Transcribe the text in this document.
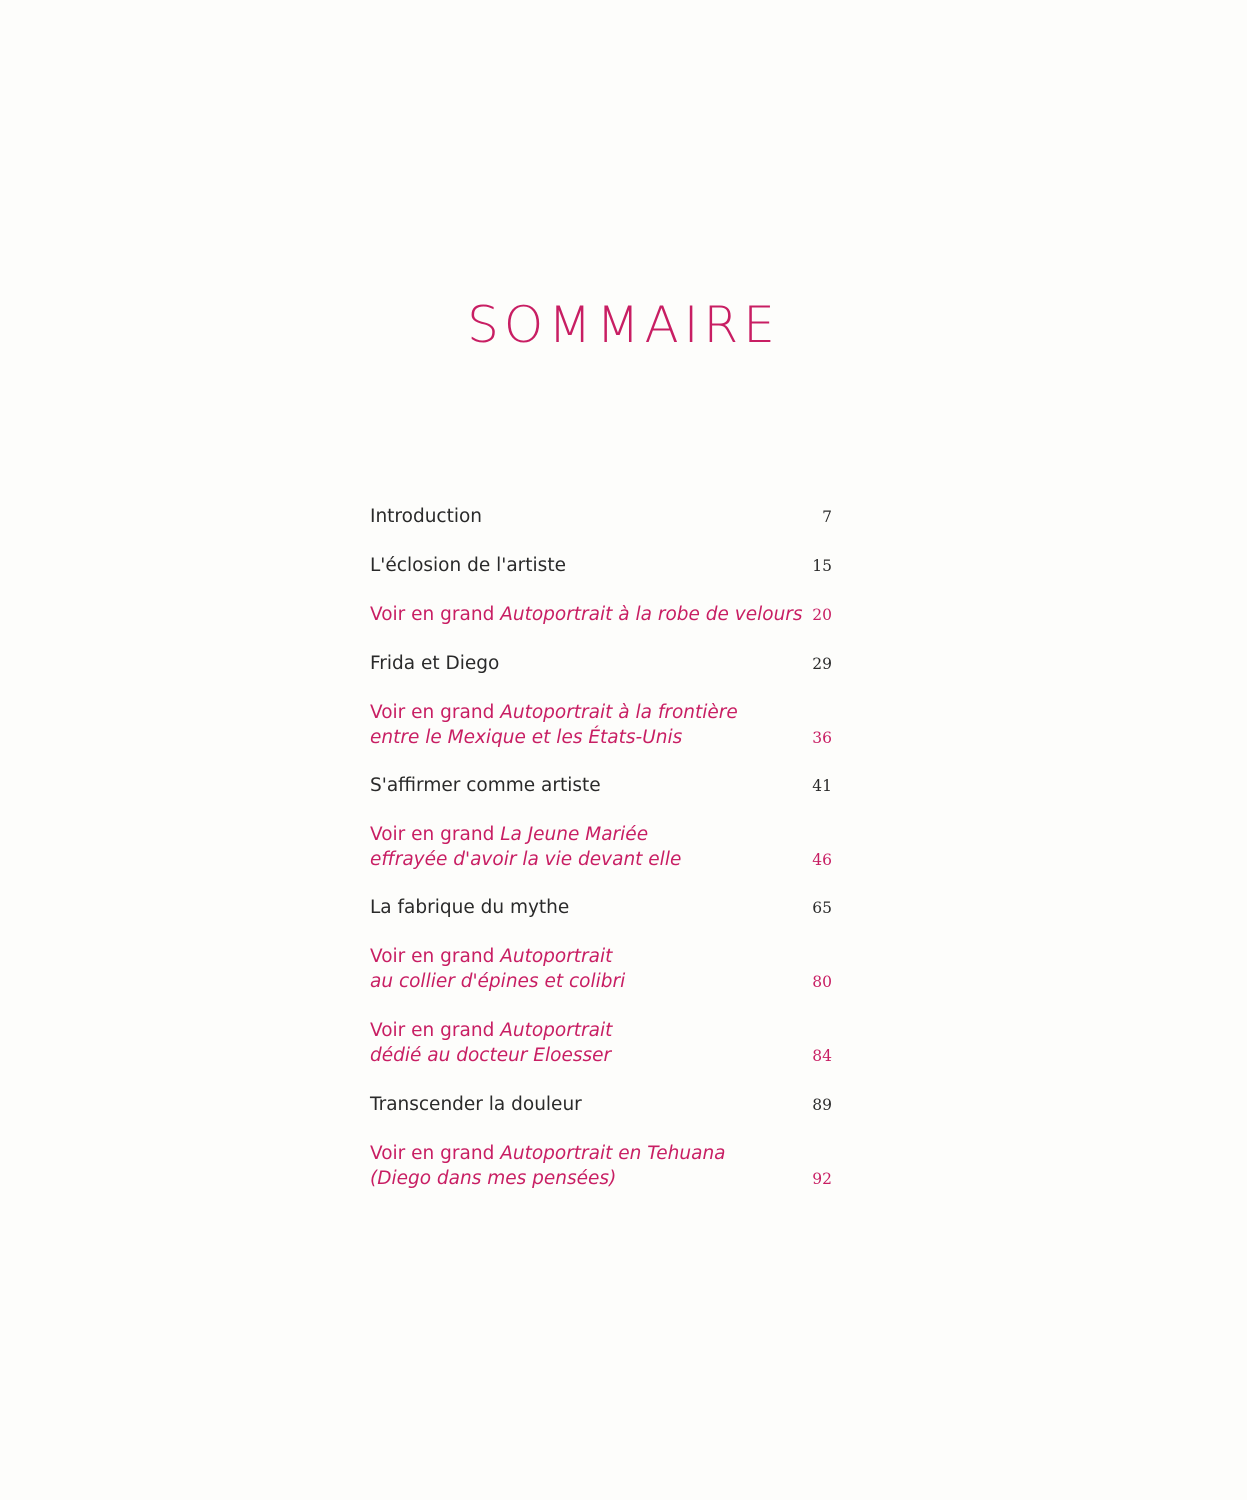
SOMMAIRE
Introduction	7
L'éclosion de l'artiste	15
Voir en grand Autoportrait à la robe de velours 20
Frida et Diego	29
Voir en grand Autoportrait à la frontière
entre le Mexique et les États-Unis	36
S'affirmer comme artiste	41
Voir en grand La Jeune Mariée
effrayée d'avoir la vie devant elle	46
La fabrique du mythe	65
Voir en grand Autoportrait
au collier d'épines et colibri	80
Voir en grand Autoportrait
dédié au docteur Eloesser	84
Transcender la douleur	89
Voir en grand Autoportrait en Tehuana
(Diego dans mes pensées)	92
